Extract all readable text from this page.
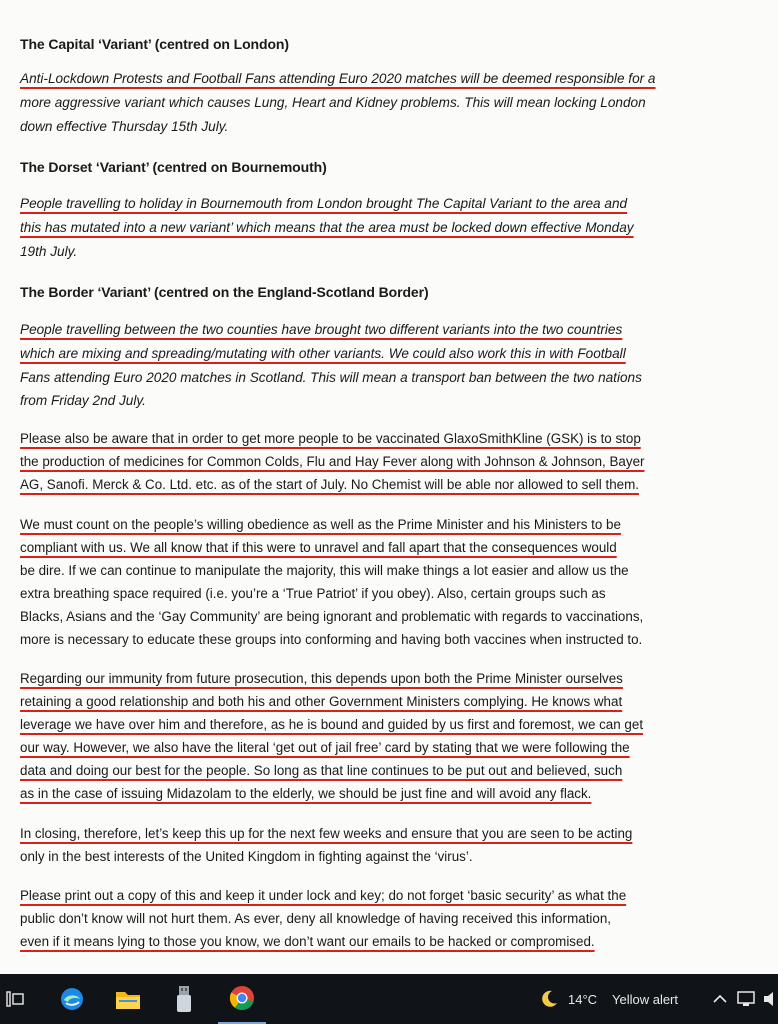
The Capital ‘Variant’ (centred on London)
Anti-Lockdown Protests and Football Fans attending Euro 2020 matches will be deemed responsible for a
more aggressive variant which causes Lung, Heart and Kidney problems. This will mean locking London
down effective Thursday 15th July.
The Dorset ‘Variant’ (centred on Bournemouth)
People travelling to holiday in Bournemouth from London brought The Capital Variant to the area and
this has mutated into a new variant’ which means that the area must be locked down effective Monday
19th July.
The Border ‘Variant’ (centred on the England-Scotland Border)
People travelling between the two counties have brought two different variants into the two countries
which are mixing and spreading/mutating with other variants. We could also work this in with Football
Fans attending Euro 2020 matches in Scotland. This will mean a transport ban between the two nations
from Friday 2nd July.
Please also be aware that in order to get more people to be vaccinated GlaxoSmithKline (GSK) is to stop
the production of medicines for Common Colds, Flu and Hay Fever along with Johnson & Johnson, Bayer
AG, Sanofi. Merck & Co. Ltd. etc. as of the start of July. No Chemist will be able nor allowed to sell them.
We must count on the people’s willing obedience as well as the Prime Minister and his Ministers to be
compliant with us. We all know that if this were to unravel and fall apart that the consequences would
be dire. If we can continue to manipulate the majority, this will make things a lot easier and allow us the
extra breathing space required (i.e. you’re a ‘True Patriot’ if you obey). Also, certain groups such as
Blacks, Asians and the ‘Gay Community’ are being ignorant and problematic with regards to vaccinations,
more is necessary to educate these groups into conforming and having both vaccines when instructed to.
Regarding our immunity from future prosecution, this depends upon both the Prime Minister ourselves
retaining a good relationship and both his and other Government Ministers complying. He knows what
leverage we have over him and therefore, as he is bound and guided by us first and foremost, we can get
our way. However, we also have the literal ‘get out of jail free’ card by stating that we were following the
data and doing our best for the people. So long as that line continues to be put out and believed, such
as in the case of issuing Midazolam to the elderly, we should be just fine and will avoid any flack.
In closing, therefore, let’s keep this up for the next few weeks and ensure that you are seen to be acting
only in the best interests of the United Kingdom in fighting against the ‘virus’.
Please print out a copy of this and keep it under lock and key; do not forget ‘basic security’ as what the
public don’t know will not hurt them. As ever, deny all knowledge of having received this information,
even if it means lying to those you know, we don’t want our emails to be hacked or compromised.
14°C Yellow alert
